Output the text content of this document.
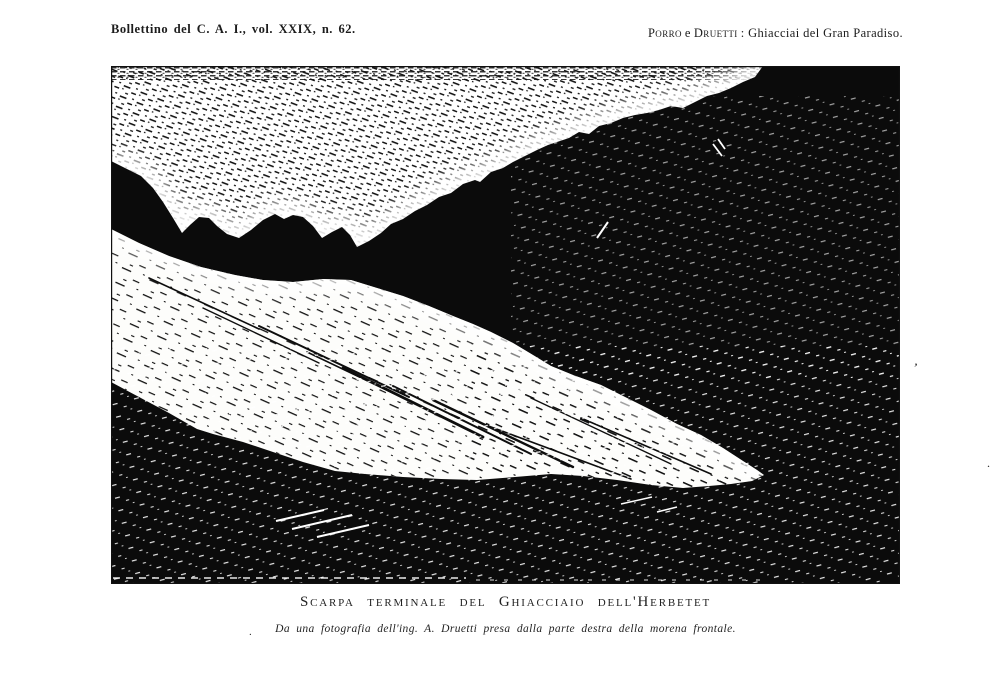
Bollettino del C. A. I., vol. XXIX, n. 62.	Porro e Druetti : Ghiacciai del Gran Paradiso.
Scarpa terminale del Ghiacciaio dell'Herbetet
.	Da una fotografia dell'ing. A. Druetti presa dalla parte destra della morena frontale.
’
.
